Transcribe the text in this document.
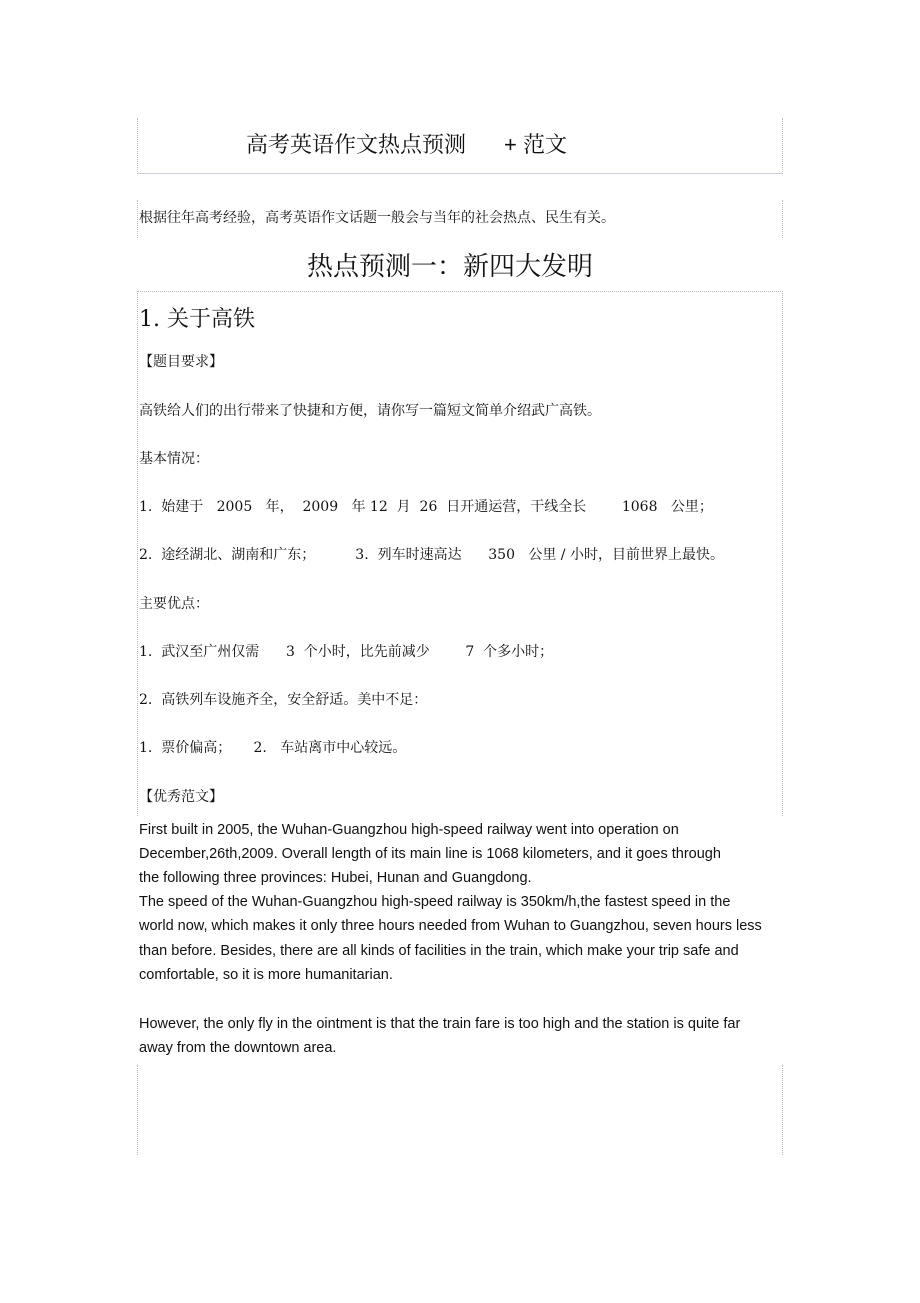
高考英语作文热点预测 + 范文
根据往年高考经验，高考英语作文话题一般会与当年的社会热点、民生有关。
热点预测一：新四大发明
1. 关于高铁
【题目要求】
高铁给人们的出行带来了快捷和方便，请你写一篇短文简单介绍武广高铁。
基本情况：
1.  始建于   2005   年，  2009   年 12  月  26  日开通运营，干线全长        1068   公里；
2.  途经湖北、湖南和广东；         3.  列车时速高达      350   公里 / 小时，目前世界上最快。
主要优点：
1.  武汉至广州仅需      3  个小时，比先前减少        7  个多小时；
2.  高铁列车设施齐全，安全舒适。美中不足：
1.  票价偏高；     2.   车站离市中心较远。
【优秀范文】
First built in 2005, the Wuhan-Guangzhou high-speed railway went into operation on
December,26th,2009. Overall length of its main line is 1068 kilometers, and it goes through
the following three provinces: Hubei, Hunan and Guangdong.
The speed of the Wuhan-Guangzhou high-speed railway is 350km/h,the fastest speed in the
world now, which makes it only three hours needed from Wuhan to Guangzhou, seven hours less
than before. Besides, there are all kinds of facilities in the train, which make your trip safe and
comfortable, so it is more humanitarian.
However, the only fly in the ointment is that the train fare is too high and the station is quite far
away from the downtown area.
